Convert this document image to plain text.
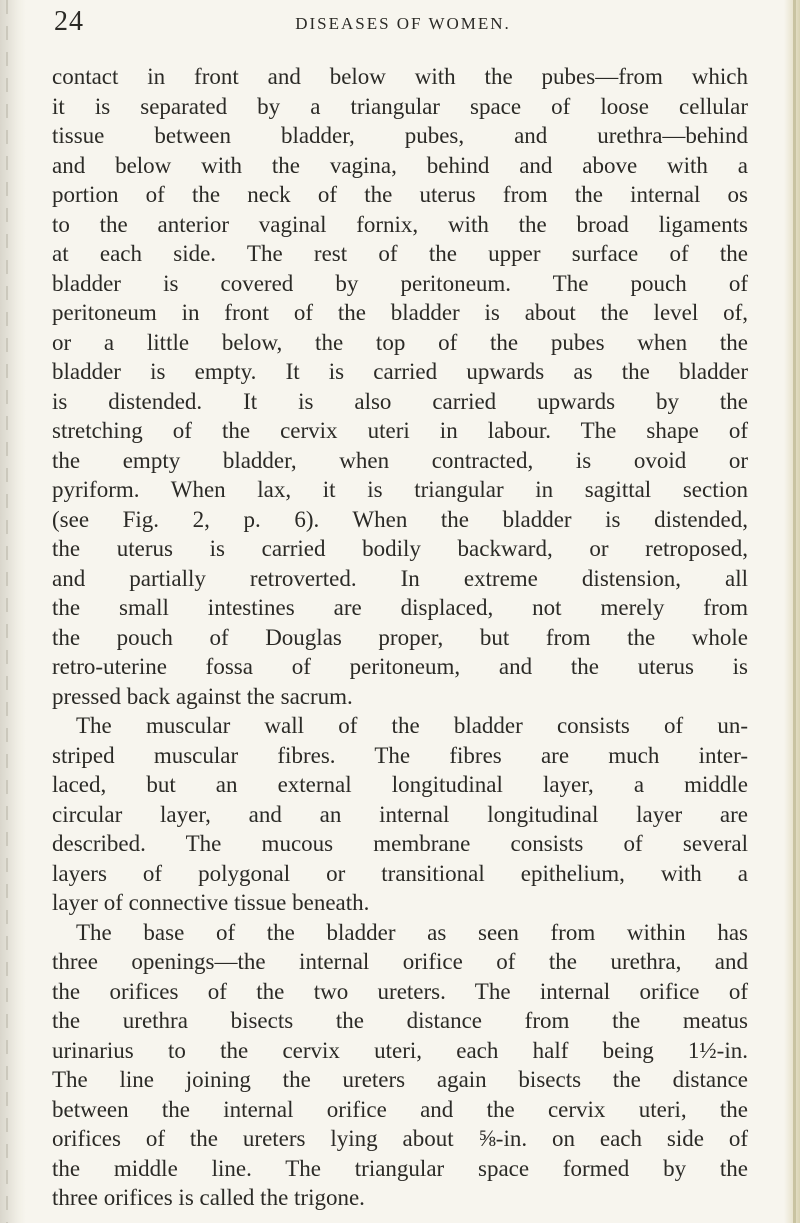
24	DISEASES OF WOMEN.
contact in front and below with the pubes—from which
it is separated by a triangular space of loose cellular
tissue between bladder, pubes, and urethra—behind
and below with the vagina, behind and above with a
portion of the neck of the uterus from the internal os
to the anterior vaginal fornix, with the broad ligaments
at each side. The rest of the upper surface of the
bladder is covered by peritoneum. The pouch of
peritoneum in front of the bladder is about the level of,
or a little below, the top of the pubes when the
bladder is empty. It is carried upwards as the bladder
is distended. It is also carried upwards by the
stretching of the cervix uteri in labour. The shape of
the empty bladder, when contracted, is ovoid or
pyriform. When lax, it is triangular in sagittal section
(see Fig. 2, p. 6). When the bladder is distended,
the uterus is carried bodily backward, or retroposed,
and partially retroverted. In extreme distension, all
the small intestines are displaced, not merely from
the pouch of Douglas proper, but from the whole
retro-uterine fossa of peritoneum, and the uterus is
pressed back against the sacrum.
The muscular wall of the bladder consists of un-
striped muscular fibres. The fibres are much inter-
laced, but an external longitudinal layer, a middle
circular layer, and an internal longitudinal layer are
described. The mucous membrane consists of several
layers of polygonal or transitional epithelium, with a
layer of connective tissue beneath.
The base of the bladder as seen from within has
three openings—the internal orifice of the urethra, and
the orifices of the two ureters. The internal orifice of
the urethra bisects the distance from the meatus
urinarius to the cervix uteri, each half being 1½-in.
The line joining the ureters again bisects the distance
between the internal orifice and the cervix uteri, the
orifices of the ureters lying about ⅝-in. on each side of
the middle line. The triangular space formed by the
three orifices is called the trigone.
